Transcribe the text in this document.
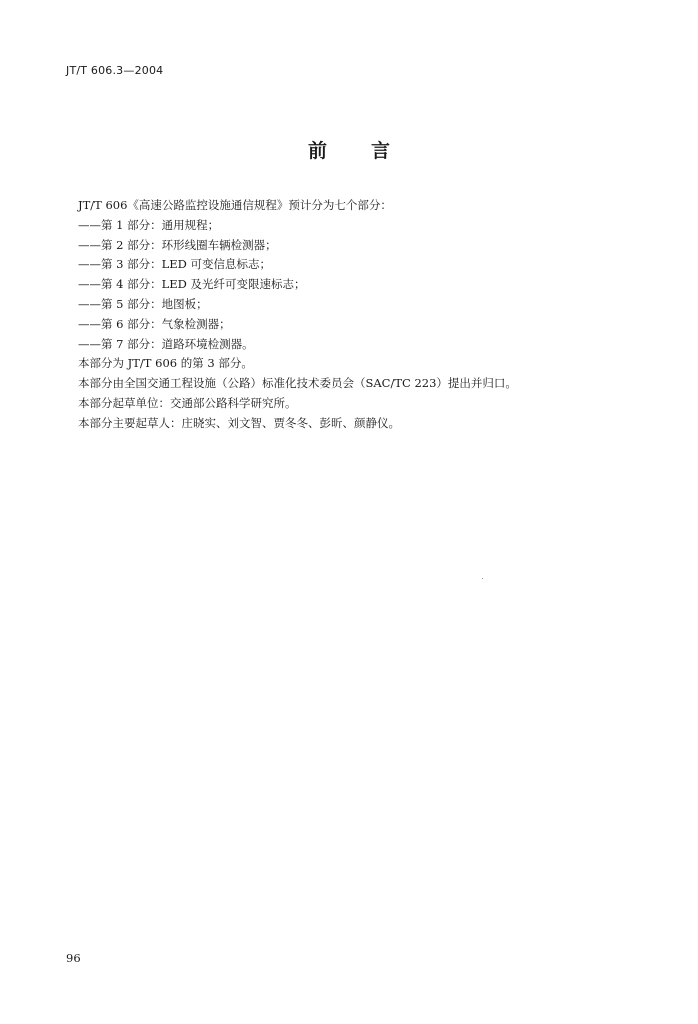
JT/T 606.3—2004
前 言
JT/T 606《高速公路监控设施通信规程》预计分为七个部分：
——第 1 部分：通用规程；
——第 2 部分：环形线圈车辆检测器；
——第 3 部分：LED 可变信息标志；
——第 4 部分：LED 及光纤可变限速标志；
——第 5 部分：地图板；
——第 6 部分：气象检测器；
——第 7 部分：道路环境检测器。
本部分为 JT/T 606 的第 3 部分。
本部分由全国交通工程设施（公路）标准化技术委员会（SAC/TC 223）提出并归口。
本部分起草单位：交通部公路科学研究所。
本部分主要起草人：庄晓实、刘文智、贾冬冬、彭昕、颜静仪。
96
